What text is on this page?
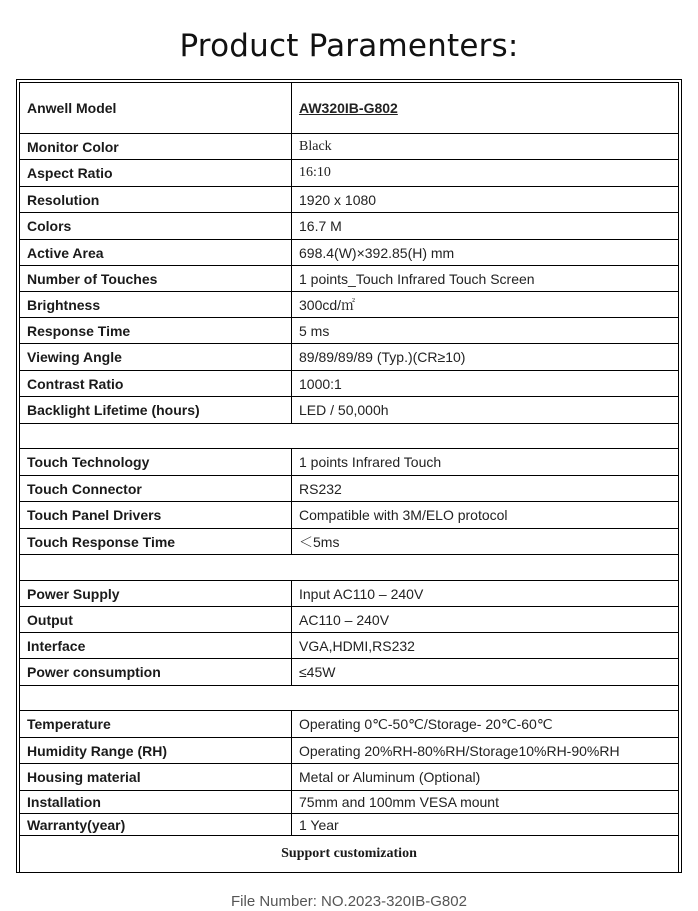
Product Paramenters:
Anwell Model	AW320IB-G802
Monitor Color	Black
Aspect Ratio	16:10
Resolution	1920 x 1080
Colors	16.7 M
Active Area	698.4(W)×392.85(H) mm
Number of Touches	1 points_Touch Infrared Touch Screen
Brightness	300cd/㎡
Response Time	5 ms
Viewing Angle	89/89/89/89 (Typ.)(CR≥10)
Contrast Ratio	1000:1
Backlight Lifetime (hours)	LED / 50,000h

Touch Technology	1 points Infrared Touch
Touch Connector	RS232
Touch Panel Drivers	Compatible with 3M/ELO protocol
Touch Response Time	＜5ms

Power Supply	Input AC110 – 240V
Output	AC110 – 240V
Interface	VGA,HDMI,RS232
Power consumption	≤45W

Temperature	Operating 0℃-50℃/Storage- 20℃-60℃
Humidity Range (RH)	Operating 20%RH-80%RH/Storage10%RH-90%RH
Housing material	Metal or Aluminum (Optional)
Installation	75mm and 100mm VESA mount
Warranty(year)	1 Year
Support customization	
File Number: NO.2023-320IB-G802
